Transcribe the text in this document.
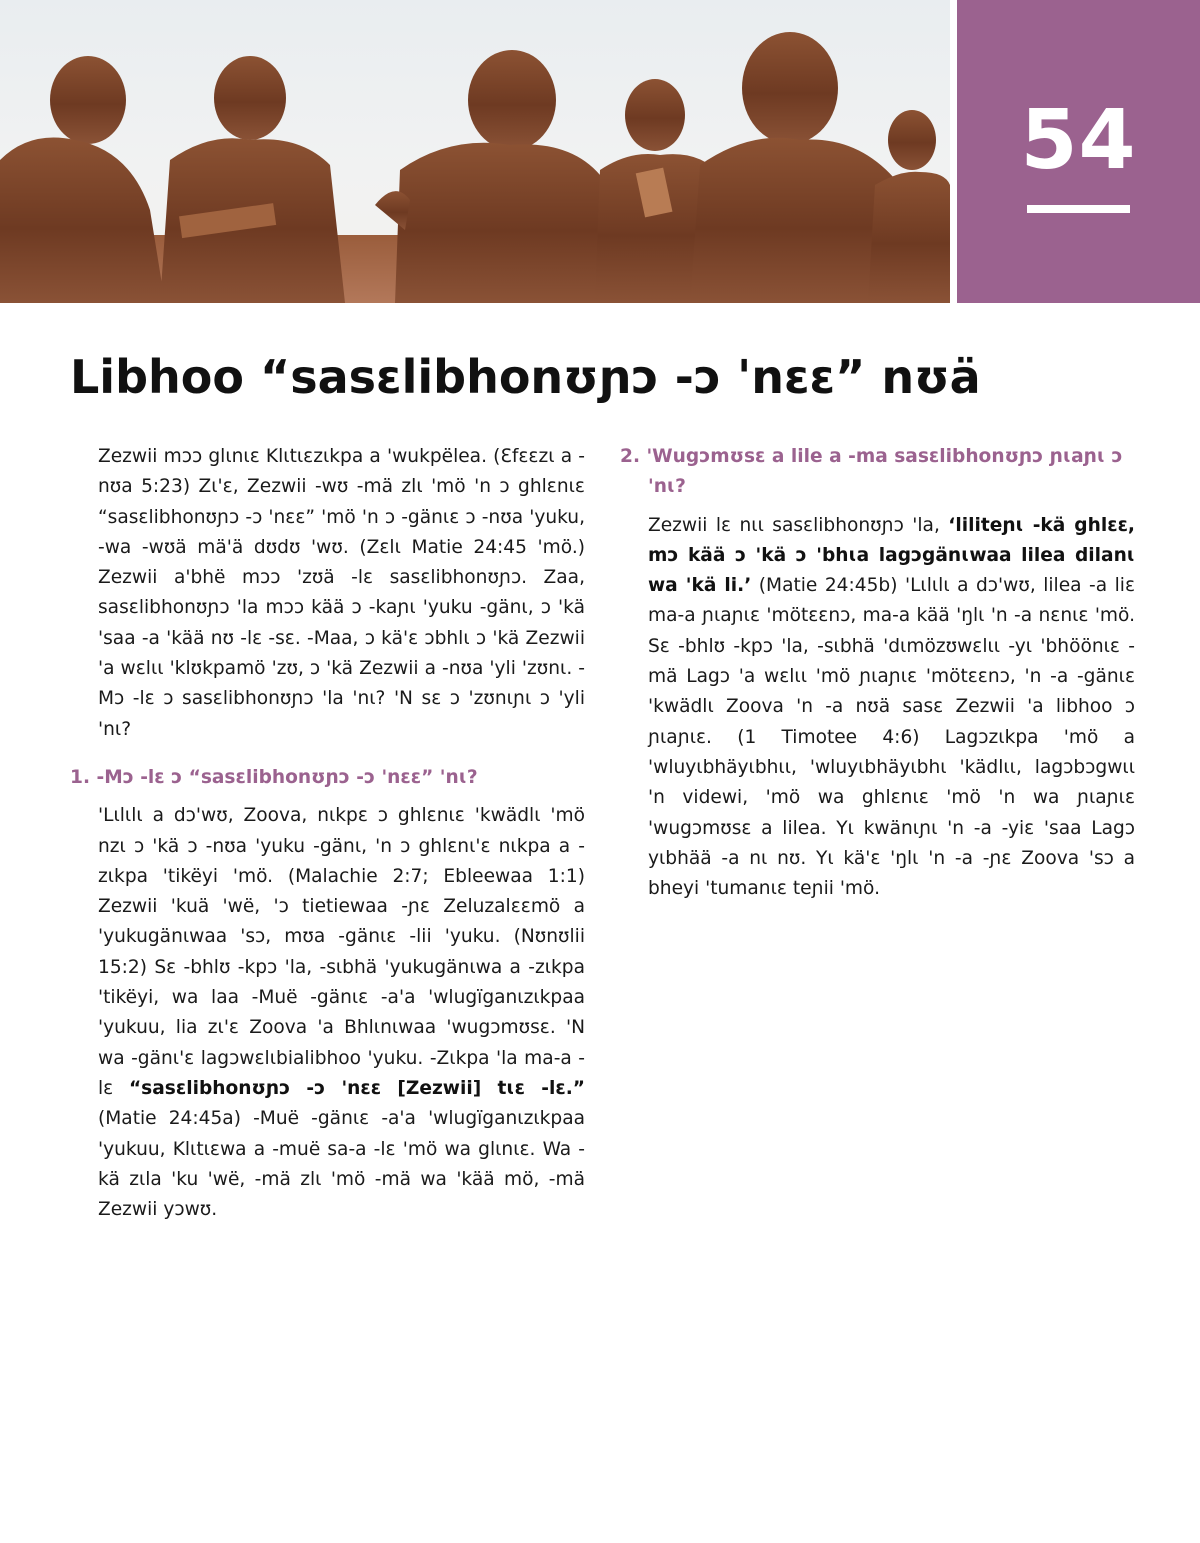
54
Libhoo “sasɛlibhonʊɲɔ -ɔ 'nɛɛ” nʊä

Zezwii mɔɔ glɩnɩɛ Klɩtɩɛzɩkpa a 'wukpëlea. (Ɛfɛɛzɩ a -nʊa 5:23) Zɩ'ɛ, Zezwii -wʊ -mä zlɩ 'mö 'n ɔ ghlɛnɩɛ “sasɛlibhonʊɲɔ -ɔ 'nɛɛ” 'mö 'n ɔ -gänɩɛ ɔ -nʊa 'yuku, -wa -wʊä mä'ä dʊdʊ 'wʊ. (Zɛlɩ Matie 24:45 'mö.) Zezwii a'bhë mɔɔ 'zʊä -lɛ sasɛlibhonʊɲɔ. Zaa, sasɛlibhonʊɲɔ 'la mɔɔ kää ɔ -kaɲɩ 'yuku -gänɩ, ɔ 'kä 'saa -a 'kää nʊ -lɛ -sɛ. -Maa, ɔ kä'ɛ ɔbhlɩ ɔ 'kä Zezwii 'a wɛlɩɩ 'klʊkpamö 'zʊ, ɔ 'kä Zezwii a -nʊa 'yli 'zʊnɩ. -Mɔ -lɛ ɔ sasɛlibhonʊɲɔ 'la 'nɩ? 'N sɛ ɔ 'zʊnɩɲɩ ɔ 'yli 'nɩ?

1. -Mɔ -lɛ ɔ “sasɛlibhonʊɲɔ -ɔ 'nɛɛ” 'nɩ?

'Lɩlɩlɩ a dɔ'wʊ, Zoova, nɩkpɛ ɔ ghlɛnɩɛ 'kwädlɩ 'mö nzɩ ɔ 'kä ɔ -nʊa 'yuku -gänɩ, 'n ɔ ghlɛnɩ'ɛ nɩkpa a -zɩkpa 'tikëyi 'mö. (Malachie 2:7; Ebleewaa 1:1) Zezwii 'kuä 'wë, 'ɔ tietiewaa -ɲɛ Zeluzalɛɛmö a 'yukugänɩwaa 'sɔ, mʊa -gänɩɛ -lii 'yuku. (Nʊnʊlii 15:2) Sɛ -bhlʊ -kpɔ 'la, -sɩbhä 'yukugänɩwa a -zɩkpa 'tikëyi, wa laa -Muë -gänɩɛ -a'a 'wlugïganɩzɩkpaa 'yukuu, lia zɩ'ɛ Zoova 'a Bhlɩnɩwaa 'wugɔmʊsɛ. 'N wa -gänɩ'ɛ lagɔwɛlɩbialibhoo 'yuku. -Zɩkpa 'la ma-a -lɛ “sasɛlibhonʊɲɔ -ɔ 'nɛɛ [Zezwii] tɩɛ -lɛ.” (Matie 24:45a) -Muë -gänɩɛ -a'a 'wlugïganɩzɩkpaa 'yukuu, Klɩtɩɛwa a -muë sa-a -lɛ 'mö wa glɩnɩɛ. Wa -kä zɩla 'ku 'wë, -mä zlɩ 'mö -mä wa 'kää mö, -mä Zezwii yɔwʊ.

2. 'Wugɔmʊsɛ a lile a -ma sasɛlibhonʊɲɔ ɲɩaɲɩ ɔ 'nɩ?

Zezwii lɛ nɩɩ sasɛlibhonʊɲɔ 'la, ‘liliteɲɩ -kä ghlɛɛ, mɔ kää ɔ 'kä ɔ 'bhɩa lagɔgänɩwaa lilea dilanɩ wa 'kä li.’ (Matie 24:45b) 'Lɩlɩlɩ a dɔ'wʊ, lilea -a liɛ ma-a ɲɩaɲɩɛ 'mötɛɛnɔ, ma-a kää 'ŋlɩ 'n -a nɛnɩɛ 'mö. Sɛ -bhlʊ -kpɔ 'la, -sɩbhä 'dɩmözʊwɛlɩɩ -yɩ 'bhöönɩɛ -mä Lagɔ 'a wɛlɩɩ 'mö ɲɩaɲɩɛ 'mötɛɛnɔ, 'n -a -gänɩɛ 'kwädlɩ Zoova 'n -a nʊä sasɛ Zezwii 'a libhoo ɔ ɲɩaɲɩɛ. (1 Timotee 4:6) Lagɔzɩkpa 'mö a 'wluyɩbhäyɩbhɩɩ, 'wluyɩbhäyɩbhɩ 'kädlɩɩ, lagɔbɔgwɩɩ 'n videwi, 'mö wa ghlɛnɩɛ 'mö 'n wa ɲɩaɲɩɛ 'wugɔmʊsɛ a lilea. Yɩ kwänɩɲɩ 'n -a -yiɛ 'saa Lagɔ yɩbhää -a nɩ nʊ. Yɩ kä'ɛ 'ŋlɩ 'n -a -ɲɛ Zoova 'sɔ a bheyi 'tumanɩɛ teɲii 'mö.
